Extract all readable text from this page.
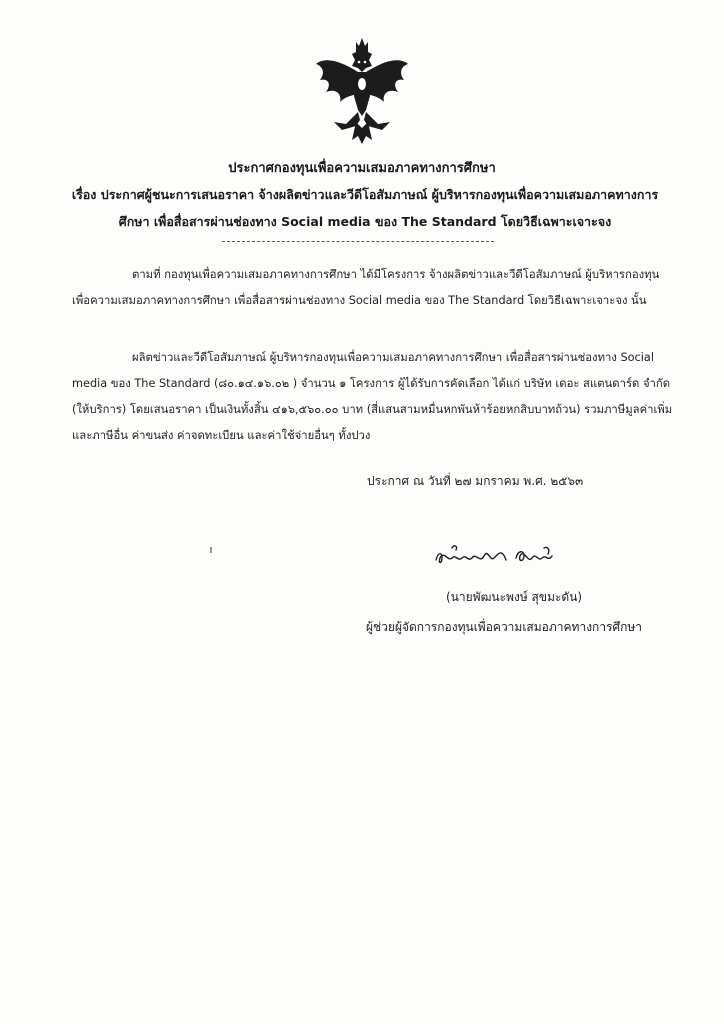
ประกาศกองทุนเพื่อความเสมอภาคทางการศึกษา
เรื่อง ประกาศผู้ชนะการเสนอราคา จ้างผลิตข่าวและวีดีโอสัมภาษณ์ ผู้บริหารกองทุนเพื่อความเสมอภาคทางการ
ศึกษา เพื่อสื่อสารผ่านช่องทาง Social media ของ The Standard โดยวิธีเฉพาะเจาะจง
ตามที่ กองทุนเพื่อความเสมอภาคทางการศึกษา ได้มีโครงการ จ้างผลิตข่าวและวีดีโอสัมภาษณ์ ผู้บริหารกองทุนเพื่อความเสมอภาคทางการศึกษา เพื่อสื่อสารผ่านช่องทาง Social media ของ The Standard โดยวิธีเฉพาะเจาะจง นั้น
ผลิตข่าวและวีดีโอสัมภาษณ์ ผู้บริหารกองทุนเพื่อความเสมอภาคทางการศึกษา เพื่อสื่อสารผ่านช่องทาง Social media ของ The Standard (๘๐.๑๔.๑๖.๐๒ ) จำนวน ๑ โครงการ ผู้ได้รับการคัดเลือก ได้แก่ บริษัท เดอะ สแตนดาร์ด จำกัด (ให้บริการ) โดยเสนอราคา เป็นเงินทั้งสิ้น ๔๑๖,๕๖๐.๐๐ บาท (สี่แสนสามหมื่นหกพันห้าร้อยหกสิบบาทถ้วน) รวมภาษีมูลค่าเพิ่มและภาษีอื่น ค่าขนส่ง ค่าจดทะเบียน และค่าใช้จ่ายอื่นๆ ทั้งปวง
ประกาศ ณ วันที่ ๒๗ มกราคม พ.ศ. ๒๕๖๓
(นายพัฒนะพงษ์ สุขมะดัน)
ผู้ช่วยผู้จัดการกองทุนเพื่อความเสมอภาคทางการศึกษา
